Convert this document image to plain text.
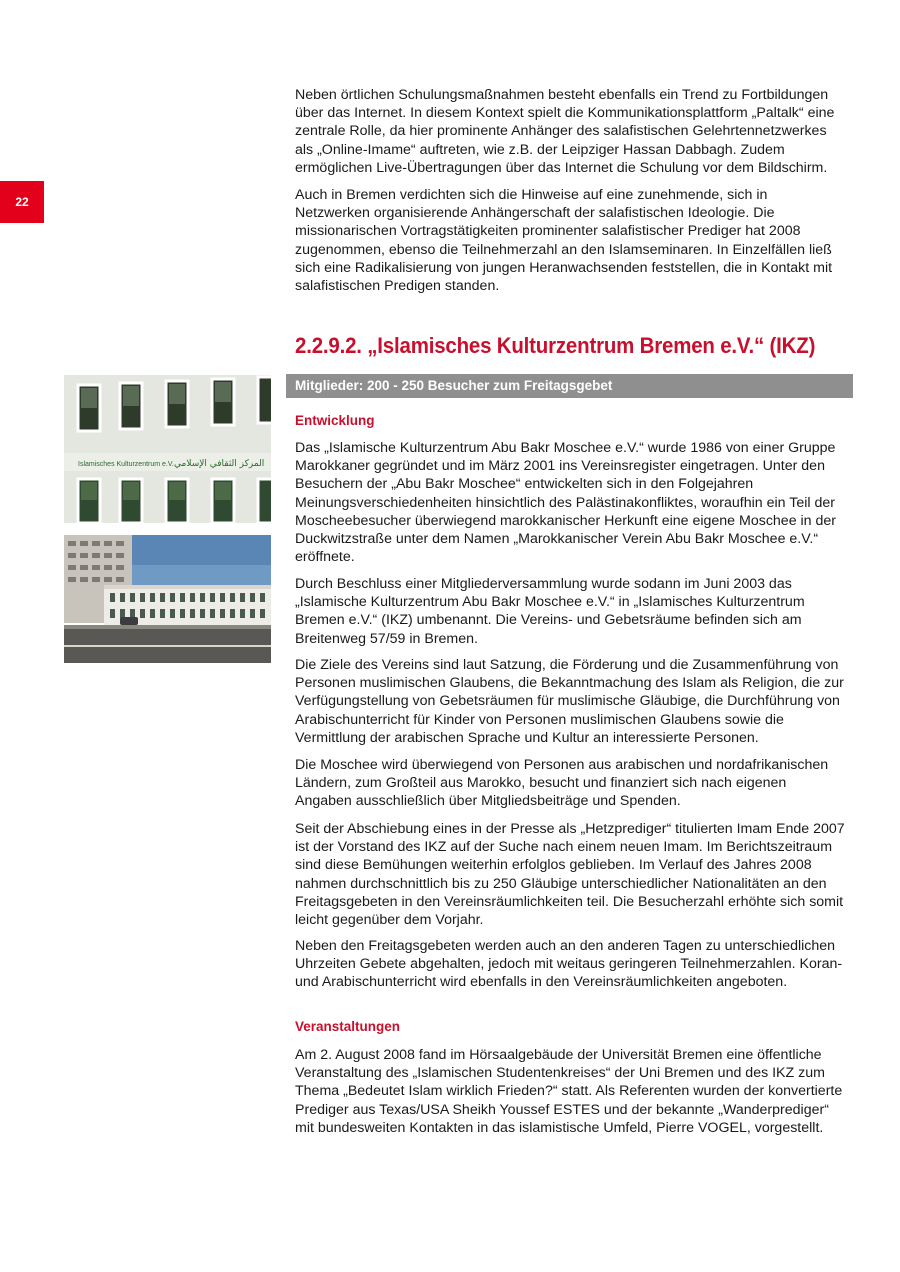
22

Neben örtlichen Schulungsmaßnahmen besteht ebenfalls ein Trend zu Fortbildungen über das Internet. In diesem Kontext spielt die Kommunikationsplattform „Paltalk“ eine zentrale Rolle, da hier prominente Anhänger des salafistischen Gelehrtennetzwerkes als „Online-Imame“ auftreten, wie z.B. der Leipziger Hassan Dabbagh. Zudem ermöglichen Live-Übertragungen über das Internet die Schulung vor dem Bildschirm.

Auch in Bremen verdichten sich die Hinweise auf eine zunehmende, sich in Netzwerken organisierende Anhängerschaft der salafistischen Ideologie. Die missionarischen Vortragstätigkeiten prominenter salafistischer Prediger hat 2008 zugenommen, ebenso die Teilnehmerzahl an den Islamseminaren. In Einzelfällen ließ sich eine Radikalisierung von jungen Heranwachsenden feststellen, die in Kontakt mit salafistischen Predigen standen.

2.2.9.2. „Islamisches Kulturzentrum Bremen e.V.“ (IKZ)
Mitglieder: 200 - 250 Besucher zum Freitagsgebet
Islamisches Kulturzentrum e.V. المركز الثقافي الإسلامي
Entwicklung

Das „Islamische Kulturzentrum Abu Bakr Moschee e.V.“ wurde 1986 von einer Gruppe Marokkaner gegründet und im März 2001 ins Vereinsregister eingetragen. Unter den Besuchern der „Abu Bakr Moschee“ entwickelten sich in den Folgejahren Meinungsverschiedenheiten hinsichtlich des Palästinakonfliktes, woraufhin ein Teil der Moscheebesucher überwiegend marokkanischer Herkunft eine eigene Moschee in der Duckwitzstraße unter dem Namen „Marokkanischer Verein Abu Bakr Moschee e.V.“ eröffnete.

Durch Beschluss einer Mitgliederversammlung wurde sodann im Juni 2003 das „Islamische Kulturzentrum Abu Bakr Moschee e.V.“ in „Islamisches Kulturzentrum Bremen e.V.“ (IKZ) umbenannt. Die Vereins- und Gebetsräume befinden sich am Breitenweg 57/59 in Bremen.

Die Ziele des Vereins sind laut Satzung, die Förderung und die Zusammenführung von Personen muslimischen Glaubens, die Bekanntmachung des Islam als Religion, die zur Verfügungstellung von Gebetsräumen für muslimische Gläubige, die Durchführung von Arabischunterricht für Kinder von Personen muslimischen Glaubens sowie die Vermittlung der arabischen Sprache und Kultur an interessierte Personen.

Die Moschee wird überwiegend von Personen aus arabischen und nordafrikanischen Ländern, zum Großteil aus Marokko, besucht und finanziert sich nach eigenen Angaben ausschließlich über Mitgliedsbeiträge und Spenden.

Seit der Abschiebung eines in der Presse als „Hetzprediger“ titulierten Imam Ende 2007 ist der Vorstand des IKZ auf der Suche nach einem neuen Imam. Im Berichtszeitraum sind diese Bemühungen weiterhin erfolglos geblieben. Im Verlauf des Jahres 2008 nahmen durchschnittlich bis zu 250 Gläubige unterschiedlicher Nationalitäten an den Freitagsgebeten in den Vereinsräumlichkeiten teil. Die Besucherzahl erhöhte sich somit leicht gegenüber dem Vorjahr.

Neben den Freitagsgebeten werden auch an den anderen Tagen zu unterschiedlichen Uhrzeiten Gebete abgehalten, jedoch mit weitaus geringeren Teilnehmerzahlen. Koran- und Arabischunterricht wird ebenfalls in den Vereinsräumlichkeiten angeboten.

Veranstaltungen

Am 2. August 2008 fand im Hörsaalgebäude der Universität Bremen eine öffentliche Veranstaltung des „Islamischen Studentenkreises“ der Uni Bremen und des IKZ zum Thema „Bedeutet Islam wirklich Frieden?“ statt. Als Referenten wurden der konvertierte Prediger aus Texas/USA Sheikh Youssef ESTES und der bekannte „Wanderprediger“ mit bundesweiten Kontakten in das islamistische Umfeld, Pierre VOGEL, vorgestellt.
